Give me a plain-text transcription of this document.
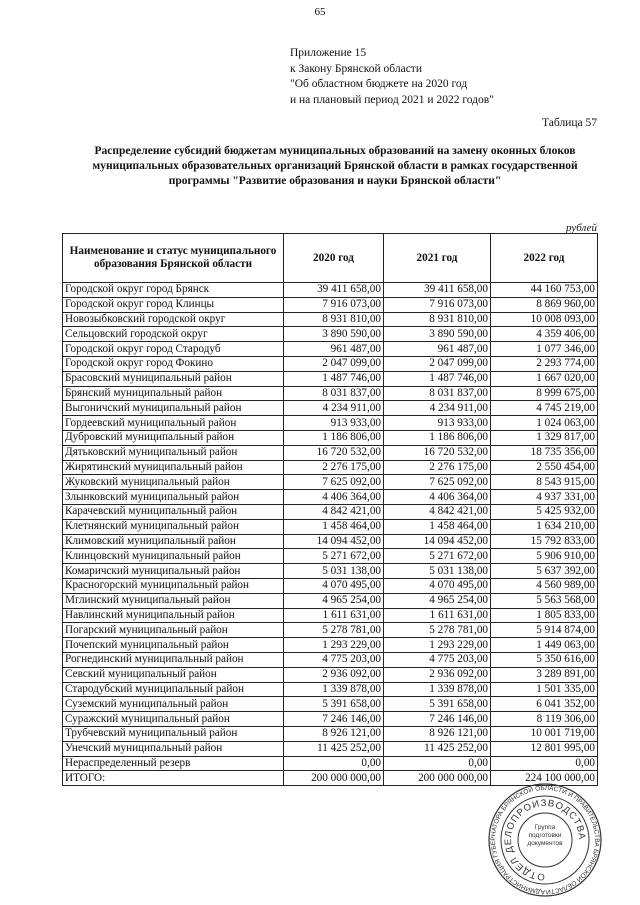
65
Приложение 15
к Закону Брянской области
"Об областном бюджете на 2020 год
и на плановый период 2021 и 2022 годов"
Таблица 57
Распределение субсидий бюджетам муниципальных образований на замену оконных блоков муниципальных образовательных организаций Брянской области в рамках государственной программы "Развитие образования и науки Брянской области"
рублей
Наименование и статус муниципального образования Брянской области	2020 год	2021 год	2022 год
Городской округ город Брянск	39 411 658,00	39 411 658,00	44 160 753,00
Городской округ город Клинцы	7 916 073,00	7 916 073,00	8 869 960,00
Новозыбковский городской округ	8 931 810,00	8 931 810,00	10 008 093,00
Сельцовский городской округ	3 890 590,00	3 890 590,00	4 359 406,00
Городской округ город Стародуб	961 487,00	961 487,00	1 077 346,00
Городской округ город Фокино	2 047 099,00	2 047 099,00	2 293 774,00
Брасовский муниципальный район	1 487 746,00	1 487 746,00	1 667 020,00
Брянский муниципальный район	8 031 837,00	8 031 837,00	8 999 675,00
Выгоничский муниципальный район	4 234 911,00	4 234 911,00	4 745 219,00
Гордеевский муниципальный район	913 933,00	913 933,00	1 024 063,00
Дубровский муниципальный район	1 186 806,00	1 186 806,00	1 329 817,00
Дятьковский муниципальный район	16 720 532,00	16 720 532,00	18 735 356,00
Жирятинский муниципальный район	2 276 175,00	2 276 175,00	2 550 454,00
Жуковский муниципальный район	7 625 092,00	7 625 092,00	8 543 915,00
Злынковский муниципальный район	4 406 364,00	4 406 364,00	4 937 331,00
Карачевский муниципальный район	4 842 421,00	4 842 421,00	5 425 932,00
Клетнянский муниципальный район	1 458 464,00	1 458 464,00	1 634 210,00
Климовский муниципальный район	14 094 452,00	14 094 452,00	15 792 833,00
Клинцовский муниципальный район	5 271 672,00	5 271 672,00	5 906 910,00
Комаричский муниципальный район	5 031 138,00	5 031 138,00	5 637 392,00
Красногорский муниципальный район	4 070 495,00	4 070 495,00	4 560 989,00
Мглинский муниципальный район	4 965 254,00	4 965 254,00	5 563 568,00
Навлинский муниципальный район	1 611 631,00	1 611 631,00	1 805 833,00
Погарский муниципальный район	5 278 781,00	5 278 781,00	5 914 874,00
Почепский муниципальный район	1 293 229,00	1 293 229,00	1 449 063,00
Рогнединский муниципальный район	4 775 203,00	4 775 203,00	5 350 616,00
Севский муниципальный район	2 936 092,00	2 936 092,00	3 289 891,00
Стародубский муниципальный район	1 339 878,00	1 339 878,00	1 501 335,00
Суземский муниципальный район	5 391 658,00	5 391 658,00	6 041 352,00
Суражский муниципальный район	7 246 146,00	7 246 146,00	8 119 306,00
Трубчевский муниципальный район	8 926 121,00	8 926 121,00	10 001 719,00
Унечский муниципальный район	11 425 252,00	11 425 252,00	12 801 995,00
Нераспределенный резерв	0,00	0,00	0,00
ИТОГО:	200 000 000,00	200 000 000,00	224 100 000,00
АДМИНИСТРАЦИЯ ГУБЕРНАТОРА БРЯНСКОЙ ОБЛАСТИ И ПРАВИТЕЛЬСТВА БРЯНСКОЙ ОБЛАСТИ
ОТДЕЛ ДЕЛОПРОИЗВОДСТВА
Группа подготовки документов
